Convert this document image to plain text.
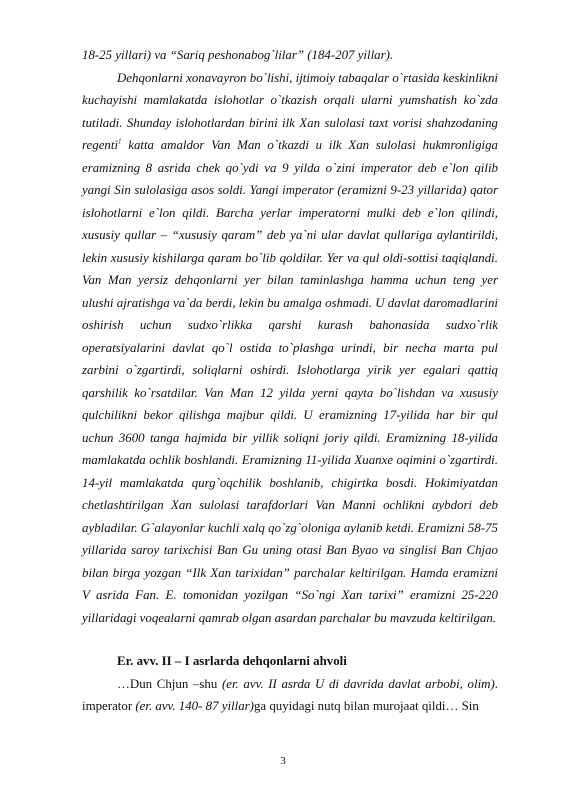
18-25 yillari) va “Sariq peshonabog`lilar” (184-207 yillar).

Dehqonlarni xonavayron bo`lishi, ijtimoiy tabaqalar o`rtasida keskinlikni kuchayishi mamlakatda islohotlar o`tkazish orqali ularni yumshatish ko`zda tutiladi. Shunday islohotlardan birini ilk Xan sulolasi taxt vorisi shahzodaning regenti$^1$ katta amaldor Van Man o`tkazdi u ilk Xan sulolasi hukmronligiga eramizning 8 asrida chek qo`ydi va 9 yilda o`zini imperator deb e`lon qilib yangi Sin sulolasiga asos soldi. Yangi imperator (eramizni 9-23 yillarida) qator islohotlarni e`lon qildi. Barcha yerlar imperatorni mulki deb e`lon qilindi, xususiy qullar – “xususiy qaram” deb ya`ni ular davlat qullariga aylantirildi, lekin xususiy kishilarga qaram bo`lib qoldilar. Yer va qul oldi-sottisi taqiqlandi. Van Man yersiz dehqonlarni yer bilan taminlashga hamma uchun teng yer ulushi ajratishga va`da berdi, lekin bu amalga oshmadi. U davlat daromadlarini oshirish uchun sudxo`rlikka qarshi kurash bahonasida sudxo`rlik operatsiyalarini davlat qo`l ostida to`plashga urindi, bir necha marta pul zarbini o`zgartirdi, soliqlarni oshirdi. Islohotlarga yirik yer egalari qattiq qarshilik ko`rsatdilar. Van Man 12 yilda yerni qayta bo`lishdan va xususiy qulchilikni bekor qilishga majbur qildi. U eramizning 17-yilida har bir qul uchun 3600 tanga hajmida bir yillik soliqni joriy qildi. Eramizning 18-yilida mamlakatda ochlik boshlandi. Eramizning 11-yilida Xuanxe oqimini o`zgartirdi. 14-yil mamlakatda qurg`oqchilik boshlanib, chigirtka bosdi. Hokimiyatdan chetlashtirilgan Xan sulolasi tarafdorlari Van Manni ochlikni aybdori deb aybladilar. G`alayonlar kuchli xalq qo`zg`oloniga aylanib ketdi. Eramizni 58-75 yillarida saroy tarixchisi Ban Gu uning otasi Ban Byao va singlisi Ban Chjao bilan birga yozgan “Ilk Xan tarixidan” parchalar keltirilgan. Hamda eramizni V asrida Fan. E. tomonidan yozilgan “So`ngi Xan tarixi” eramizni 25-220 yillaridagi voqealarni qamrab olgan asardan parchalar bu mavzuda keltirilgan.

Er. avv. II – I asrlarda dehqonlarni ahvoli

…Dun Chjun –shu (er. avv. II asrda U di davrida davlat arbobi, olim). imperator (er. avv. 140- 87 yillar)ga quyidagi nutq bilan murojaat qildi… Sin

3
